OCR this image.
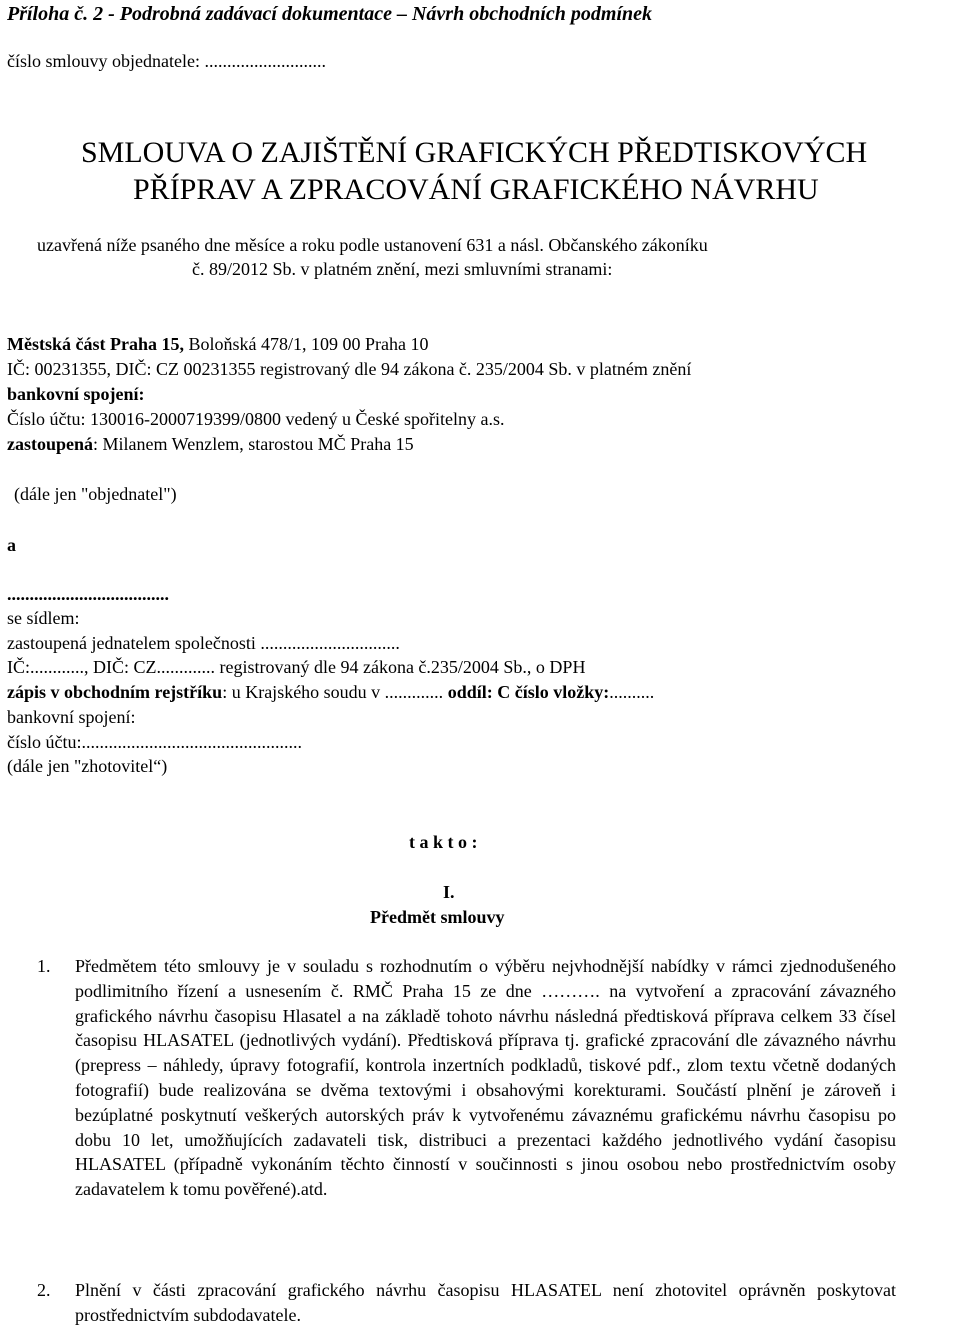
Příloha č. 2 - Podrobná zadávací dokumentace – Návrh obchodních podmínek
číslo smlouvy objednatele: ...........................
SMLOUVA O ZAJIŠTĚNÍ GRAFICKÝCH PŘEDTISKOVÝCH
PŘÍPRAV A ZPRACOVÁNÍ GRAFICKÉHO NÁVRHU
uzavřená níže psaného dne měsíce a roku podle ustanovení 631 a násl. Občanského zákoníku
č. 89/2012 Sb. v platném znění, mezi smluvními stranami:
Městská část Praha 15, Boloňská 478/1, 109 00 Praha 10
IČ: 00231355, DIČ: CZ 00231355 registrovaný dle 94 zákona č. 235/2004 Sb. v platném znění
bankovní spojení:
Číslo účtu: 130016-2000719399/0800 vedený u České spořitelny a.s.
zastoupená: Milanem Wenzlem, starostou MČ Praha 15
(dále jen "objednatel")
a
....................................
se sídlem:
zastoupená jednatelem společnosti ...............................
IČ:............, DIČ: CZ............. registrovaný dle 94 zákona č.235/2004 Sb., o DPH
zápis v obchodním rejstříku: u Krajského soudu v ............. oddíl: C číslo vložky:..........
bankovní spojení:
číslo účtu:.................................................
(dále jen "zhotovitel“)
t a k t o :
I.
Předmět smlouvy
1. Předmětem této smlouvy je v souladu s rozhodnutím o výběru nejvhodnější nabídky v rámci zjednodušeného podlimitního řízení a usnesením č. RMČ Praha 15 ze dne ………. na vytvoření a zpracování závazného grafického návrhu časopisu Hlasatel a na základě tohoto návrhu následná předtisková příprava celkem 33 čísel časopisu HLASATEL (jednotlivých vydání). Předtisková příprava tj. grafické zpracování dle závazného návrhu (prepress – náhledy, úpravy fotografií, kontrola inzertních podkladů, tiskové pdf., zlom textu včetně dodaných fotografií) bude realizována se dvěma textovými i obsahovými korekturami. Součástí plnění je zároveň i bezúplatné poskytnutí veškerých autorských práv k vytvořenému závaznému grafickému návrhu časopisu po dobu 10 let, umožňujících zadavateli tisk, distribuci a prezentaci každého jednotlivého vydání časopisu HLASATEL (případně vykonáním těchto činností v součinnosti s jinou osobou nebo prostřednictvím osoby zadavatelem k tomu pověřené).atd.
2. Plnění v části zpracování grafického návrhu časopisu HLASATEL není zhotovitel oprávněn poskytovat prostřednictvím subdodavatele.
